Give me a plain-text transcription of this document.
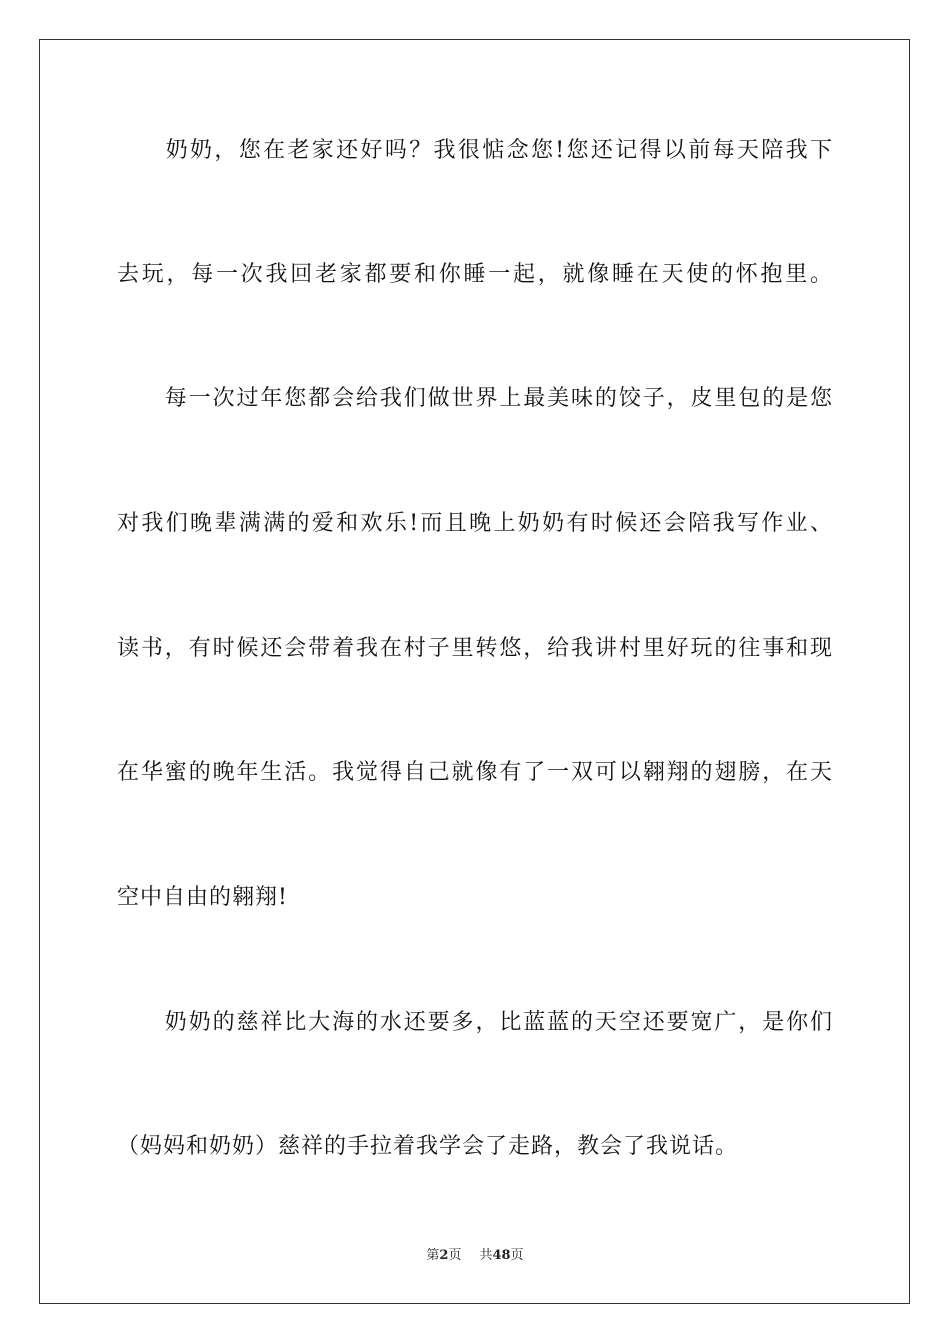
　　奶奶，您在老家还好吗？我很惦念您!您还记得以前每天陪我下
去玩，每一次我回老家都要和你睡一起，就像睡在天使的怀抱里。
　　每一次过年您都会给我们做世界上最美味的饺子，皮里包的是您
对我们晚辈满满的爱和欢乐!而且晚上奶奶有时候还会陪我写作业、
读书，有时候还会带着我在村子里转悠，给我讲村里好玩的往事和现
在华蜜的晚年生活。我觉得自己就像有了一双可以翱翔的翅膀，在天
空中自由的翱翔!
　　奶奶的慈祥比大海的水还要多，比蓝蓝的天空还要宽广，是你们
（妈妈和奶奶）慈祥的手拉着我学会了走路，教会了我说话。
第2页 共48页
